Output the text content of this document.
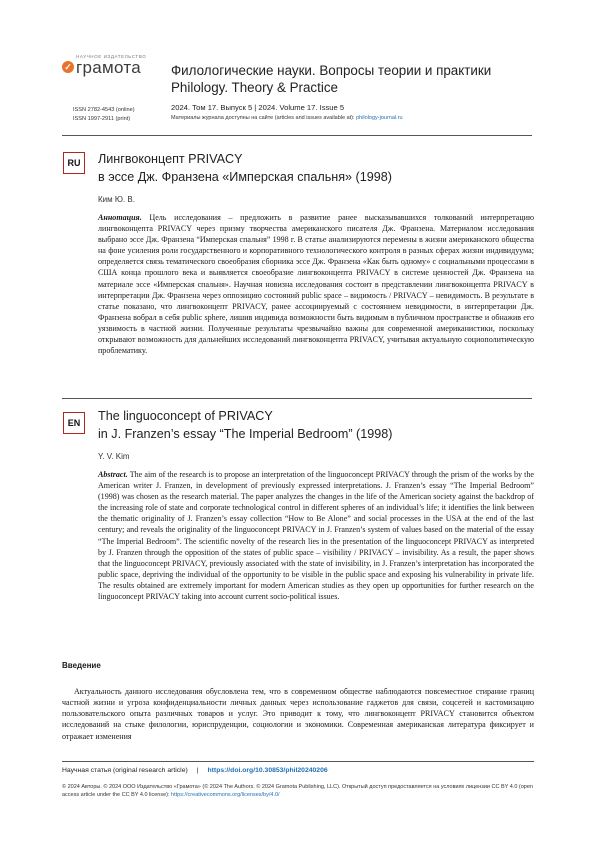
НАУЧНОЕ ИЗДАТЕЛЬСТВО
✓ грамота Филологические науки. Вопросы теории и практики
Philology. Theory & Practice
ISSN 2782-4543 (online)
ISSN 1997-2911 (print)
2024. Том 17. Выпуск 5 | 2024. Volume 17. Issue 5
Материалы журнала доступны на сайте (articles and issues available at): philology-journal.ru
RU	Лингвоконцепт PRIVACY
в эссе Дж. Франзена «Имперская спальня» (1998)
Ким Ю. В.
Аннотация. Цель исследования – предложить в развитие ранее высказывавшихся толкований интерпретацию лингвоконцепта PRIVACY через призму творчества американского писателя Дж. Франзена. Материалом исследования выбрано эссе Дж. Франзена “Имперская спальня” 1998 г. В статье анализируются перемены в жизни американского общества на фоне усиления роли государственного и корпоративного технологического контроля в разных сферах жизни индивидуума; определяется связь тематического своеобразия сборника эссе Дж. Франзена «Как быть одному» с социальными процессами в США конца прошлого века и выявляется своеобразие лингвоконцепта PRIVACY в системе ценностей Дж. Франзена на материале эссе «Имперская спальня». Научная новизна исследования состоит в представлении лингвоконцепта PRIVACY в интерпретации Дж. Франзена через оппозицию состояний public space – видимость / PRIVACY – невидимость. В результате в статье показано, что лингвоконцепт PRIVACY, ранее ассоциируемый с состоянием невидимости, в интерпретации Дж. Франзена вобрал в себя public sphere, лишив индивида возможности быть видимым в публичном пространстве и обнажив его уязвимость в частной жизни. Полученные результаты чрезвычайно важны для современной американистики, поскольку открывают возможность для дальнейших исследований лингвоконцепта PRIVACY, учитывая актуальную социополитическую проблематику.
EN	The linguoconcept of PRIVACY
in J. Franzen’s essay “The Imperial Bedroom” (1998)
Y. V. Kim
Abstract. The aim of the research is to propose an interpretation of the linguoconcept PRIVACY through the prism of the works by the American writer J. Franzen, in development of previously expressed interpretations. J. Franzen’s essay “The Imperial Bedroom” (1998) was chosen as the research material. The paper analyzes the changes in the life of the American society against the backdrop of the increasing role of state and corporate technological control in different spheres of an individual’s life; it identifies the link between the thematic originality of J. Franzen’s essay collection “How to Be Alone” and social processes in the USA at the end of the last century; and reveals the originality of the linguoconcept PRIVACY in J. Franzen’s system of values based on the material of the essay “The Imperial Bedroom”. The scientific novelty of the research lies in the presentation of the linguoconcept PRIVACY as interpreted by J. Franzen through the opposition of the states of public space – visibility / PRIVACY – invisibility. As a result, the paper shows that the linguoconcept PRIVACY, previously associated with the state of invisibility, in J. Franzen’s interpretation has incorporated the public space, depriving the individual of the opportunity to be visible in the public space and exposing his vulnerability in private life. The results obtained are extremely important for modern American studies as they open up opportunities for further research on the linguoconcept PRIVACY taking into account current socio-political issues.
Введение
Актуальность данного исследования обусловлена тем, что в современном обществе наблюдаются повсеместное стирание границ частной жизни и угроза конфиденциальности личных данных через использование гаджетов для связи, соцсетей и кастомизацию пользовательского опыта различных товаров и услуг. Это приводит к тому, что лингвоконцепт PRIVACY становится объектом исследований на стыке филологии, юриспруденции, социологии и экономики. Современная американская литература фиксирует и отражает изменения
Научная статья (original research article) | https://doi.org/10.30853/phil20240206
© 2024 Авторы. © 2024 ООО Издательство «Грамота» (© 2024 The Authors. © 2024 Gramota Publishing, LLC). Открытый доступ предоставляется на условиях лицензии CC BY 4.0 (open access article under the CC BY 4.0 license): https://creativecommons.org/licenses/by/4.0/
